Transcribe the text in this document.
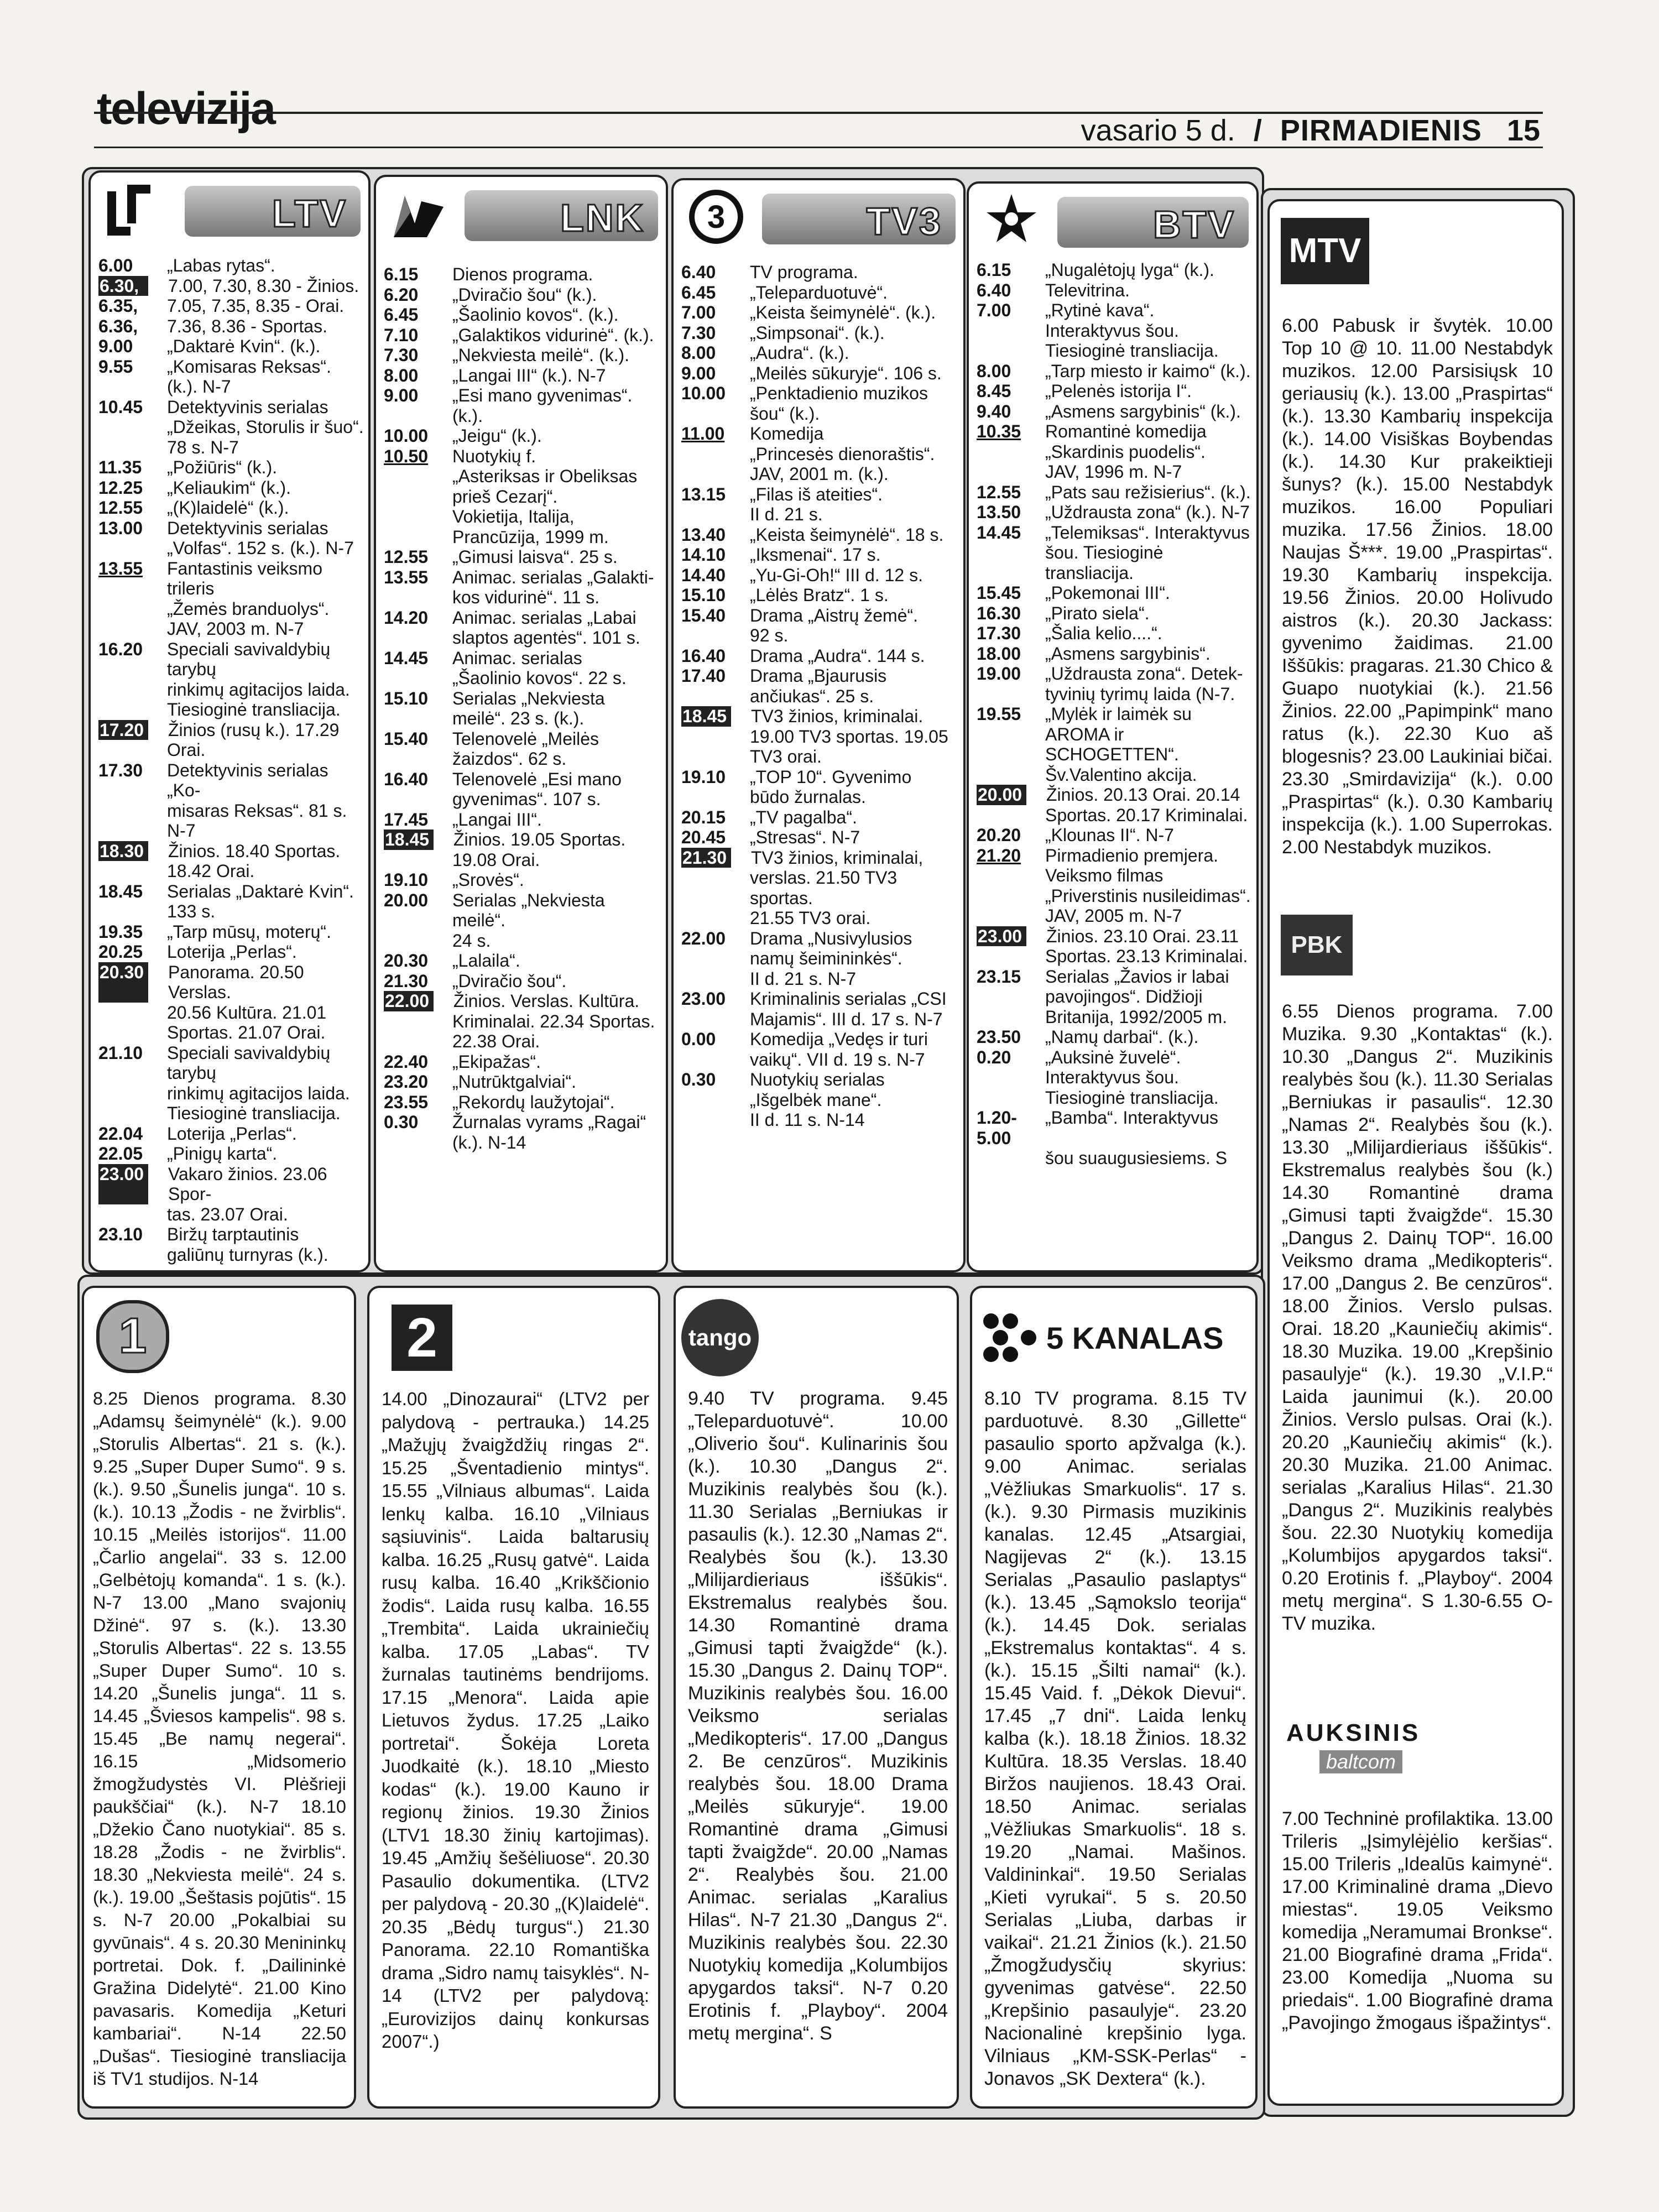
televizija	vasario 5 d. / PIRMADIENIS 15
LTV
6.00	„Labas rytas“.
6.30,	7.00, 7.30, 8.30 - Žinios.
6.35,	7.05, 7.35, 8.35 - Orai.
6.36,	7.36, 8.36 - Sportas.
9.00	„Daktarė Kvin“. (k.).
9.55	„Komisaras Reksas“. (k.). N-7
10.45	Detektyvinis serialas
„Džeikas, Storulis ir šuo“.
78 s. N-7
11.35	„Požiūris“ (k.).
12.25	„Keliaukim“ (k.).
12.55	„(K)laidelė“ (k.).
13.00	Detektyvinis serialas
„Volfas“. 152 s. (k.). N-7
13.55	Fantastinis veiksmo trileris
„Žemės branduolys“.
JAV, 2003 m. N-7
16.20	Speciali savivaldybių tarybų
rinkimų agitacijos laida.
Tiesioginė transliacija.
17.20 Žinios (rusų k.). 17.29
Orai.
17.30	Detektyvinis serialas „Ko-
misaras Reksas“. 81 s. N-7
18.30 Žinios. 18.40 Sportas.
18.42 Orai.
18.45	Serialas „Daktarė Kvin“.
133 s.
19.35	„Tarp mūsų, moterų“.
20.25	Loterija „Perlas“.
20.30 Panorama. 20.50 Verslas.
20.56 Kultūra. 21.01
Sportas. 21.07 Orai.
21.10	Speciali savivaldybių tarybų
rinkimų agitacijos laida.
Tiesioginė transliacija.
22.04	Loterija „Perlas“.
22.05	„Pinigų karta“.
23.00 Vakaro žinios. 23.06 Spor-
tas. 23.07 Orai.
23.10	Biržų tarptautinis
galiūnų turnyras (k.).
LNK
6.15	Dienos programa.
6.20	„Dviračio šou“ (k.).
6.45	„Šaolinio kovos“. (k.).
7.10	„Galaktikos vidurinė“. (k.).
7.30	„Nekviesta meilė“. (k.).
8.00	„Langai III“ (k.). N-7
9.00	„Esi mano gyvenimas“. (k.).
10.00	„Jeigu“ (k.).
10.50	Nuotykių f.
„Asteriksas ir Obeliksas
prieš Cezarį“.
Vokietija, Italija,
Prancūzija, 1999 m.
12.55	„Gimusi laisva“. 25 s.
13.55	Animac. serialas „Galakti-
kos vidurinė“. 11 s.
14.20	Animac. serialas „Labai
slaptos agentės“. 101 s.
14.45	Animac. serialas
„Šaolinio kovos“. 22 s.
15.10	Serialas „Nekviesta
meilė“. 23 s. (k.).
15.40	Telenovelė „Meilės
žaizdos“. 62 s.
16.40	Telenovelė „Esi mano
gyvenimas“. 107 s.
17.45	„Langai III“.
18.45 Žinios. 19.05 Sportas.
19.08 Orai.
19.10	„Srovės“.
20.00	Serialas „Nekviesta meilė“.
24 s.
20.30	„Lalaila“.
21.30	„Dviračio šou“.
22.00 Žinios. Verslas. Kultūra.
Kriminalai. 22.34 Sportas.
22.38 Orai.
22.40	„Ekipažas“.
23.20	„Nutrūktgalviai“.
23.55	„Rekordų laužytojai“.
0.30	Žurnalas vyrams „Ragai“
(k.). N-14
3	TV3
6.40	TV programa.
6.45	„Teleparduotuvė“.
7.00	„Keista šeimynėlė“. (k.).
7.30	„Simpsonai“. (k.).
8.00	„Audra“. (k.).
9.00	„Meilės sūkuryje“. 106 s.
10.00	„Penktadienio muzikos
šou“ (k.).
11.00	Komedija
„Princesės dienoraštis“.
JAV, 2001 m. (k.).
13.15	„Filas iš ateities“.
II d. 21 s.
13.40	„Keista šeimynėlė“. 18 s.
14.10	„Iksmenai“. 17 s.
14.40	„Yu-Gi-Oh!“ III d. 12 s.
15.10	„Lėlės Bratz“. 1 s.
15.40	Drama „Aistrų žemė“.
92 s.
16.40	Drama „Audra“. 144 s.
17.40	Drama „Bjaurusis
ančiukas“. 25 s.
18.45 TV3 žinios, kriminalai.
19.00 TV3 sportas. 19.05
TV3 orai.
19.10	„TOP 10“. Gyvenimo
būdo žurnalas.
20.15	„TV pagalba“.
20.45	„Stresas“. N-7
21.30 TV3 žinios, kriminalai,
verslas. 21.50 TV3 sportas.
21.55 TV3 orai.
22.00	Drama „Nusivylusios
namų šeimininkės“.
II d. 21 s. N-7
23.00	Kriminalinis serialas „CSI
Majamis“. III d. 17 s. N-7
0.00	Komedija „Vedęs ir turi
vaikų“. VII d. 19 s. N-7
0.30	Nuotykių serialas
„Išgelbėk mane“.
II d. 11 s. N-14
BTV
6.15	„Nugalėtojų lyga“ (k.).
6.40	Televitrina.
7.00	„Rytinė kava“.
Interaktyvus šou.
Tiesioginė transliacija.
8.00	„Tarp miesto ir kaimo“ (k.).
8.45	„Pelenės istorija I“.
9.40	„Asmens sargybinis“ (k.).
10.35	Romantinė komedija
„Skardinis puodelis“.
JAV, 1996 m. N-7
12.55	„Pats sau režisierius“. (k.).
13.50	„Uždrausta zona“ (k.). N-7
14.45	„Telemiksas“. Interaktyvus
šou. Tiesioginė transliacija.
15.45	„Pokemonai III“.
16.30	„Pirato siela“.
17.30	„Šalia kelio....“.
18.00	„Asmens sargybinis“.
19.00	„Uždrausta zona“. Detek-
tyvinių tyrimų laida (N-7.
19.55	„Mylėk ir laimėk su
AROMA ir SCHOGETTEN“.
Šv.Valentino akcija.
20.00 Žinios. 20.13 Orai. 20.14
Sportas. 20.17 Kriminalai.
20.20	„Klounas II“. N-7
21.20	Pirmadienio premjera.
Veiksmo filmas
„Priverstinis nusileidimas“.
JAV, 2005 m. N-7
23.00 Žinios. 23.10 Orai. 23.11
Sportas. 23.13 Kriminalai.
23.15	Serialas „Žavios ir labai
pavojingos“. Didžioji
Britanija, 1992/2005 m.
23.50	„Namų darbai“. (k.).
0.20	„Auksinė žuvelė“.
Interaktyvus šou.
Tiesioginė transliacija.
1.20-5.00
„Bamba“. Interaktyvus
šou suaugusiesiems. S
MTV
6.00 Pabusk ir švytėk. 10.00 Top 10 @ 10. 11.00 Nestabdyk muzikos. 12.00 Parsisiųsk 10 geriausių (k.). 13.00 „Praspirtas“ (k.). 13.30 Kambarių inspekcija (k.). 14.00 Visiškas Boybendas (k.). 14.30 Kur prakeiktieji šunys? (k.). 15.00 Nestabdyk muzikos. 16.00 Populiari muzika. 17.56 Žinios. 18.00 Naujas Š***. 19.00 „Praspirtas“. 19.30 Kambarių inspekcija. 19.56 Žinios. 20.00 Holivudo aistros (k.). 20.30 Jackass: gyvenimo žaidimas. 21.00 Iššūkis: pragaras. 21.30 Chico & Guapo nuotykiai (k.). 21.56 Žinios. 22.00 „Papimpink“ mano ratus (k.). 22.30 Kuo aš blogesnis? 23.00 Laukiniai bičai. 23.30 „Smirdavizija“ (k.). 0.00 „Praspirtas“ (k.). 0.30 Kambarių inspekcija (k.). 1.00 Superrokas. 2.00 Nestabdyk muzikos.
PBK
6.55 Dienos programa. 7.00 Muzika. 9.30 „Kontaktas“ (k.). 10.30 „Dangus 2“. Muzikinis realybės šou (k.). 11.30 Serialas „Berniukas ir pasaulis“. 12.30 „Namas 2“. Realybės šou (k.). 13.30 „Milijardieriaus iššūkis“. Ekstremalus realybės šou (k.) 14.30 Romantinė drama „Gimusi tapti žvaigžde“. 15.30 „Dangus 2. Dainų TOP“. 16.00 Veiksmo drama „Medikopteris“. 17.00 „Dangus 2. Be cenzūros“. 18.00 Žinios. Verslo pulsas. Orai. 18.20 „Kauniečių akimis“. 18.30 Muzika. 19.00 „Krepšinio pasaulyje“ (k.). 19.30 „V.I.P.“ Laida jaunimui (k.). 20.00 Žinios. Verslo pulsas. Orai (k.). 20.20 „Kauniečių akimis“ (k.). 20.30 Muzika. 21.00 Animac. serialas „Karalius Hilas“. 21.30 „Dangus 2“. Muzikinis realybės šou. 22.30 Nuotykių komedija „Kolumbijos apygardos taksi“. 0.20 Erotinis f. „Playboy“. 2004 metų mergina“. S 1.30-6.55 O-TV muzika.
AUKSINIS
baltcom
7.00 Techninė profilaktika. 13.00 Trileris „Įsimylėjėlio keršias“. 15.00 Trileris „Idealūs kaimynė“. 17.00 Kriminalinė drama „Dievo miestas“. 19.05 Veiksmo komedija „Neramumai Bronkse“. 21.00 Biografinė drama „Frida“. 23.00 Komedija „Nuoma su priedais“. 1.00 Biografinė drama „Pavojingo žmogaus išpažintys“.
1
8.25 Dienos programa. 8.30 „Adamsų šeimynėlė“ (k.). 9.00 „Storulis Albertas“. 21 s. (k.). 9.25 „Super Duper Sumo“. 9 s. (k.). 9.50 „Šunelis junga“. 10 s. (k.). 10.13 „Žodis - ne žvirblis“. 10.15 „Meilės istorijos“. 11.00 „Čarlio angelai“. 33 s. 12.00 „Gelbėtojų komanda“. 1 s. (k.). N-7 13.00 „Mano svajonių Džinė“. 97 s. (k.). 13.30 „Storulis Albertas“. 22 s. 13.55 „Super Duper Sumo“. 10 s. 14.20 „Šunelis junga“. 11 s. 14.45 „Šviesos kampelis“. 98 s. 15.45 „Be namų negerai“. 16.15 „Midsomerio žmogžudystės VI. Plėšrieji paukščiai“ (k.). N-7 18.10 „Džekio Čano nuotykiai“. 85 s. 18.28 „Žodis - ne žvirblis“. 18.30 „Nekviesta meilė“. 24 s. (k.). 19.00 „Šeštasis pojūtis“. 15 s. N-7 20.00 „Pokalbiai su gyvūnais“. 4 s. 20.30 Menininkų portretai. Dok. f. „Dailininkė Gražina Didelytė“. 21.00 Kino pavasaris. Komedija „Keturi kambariai“. N-14 22.50 „Dušas“. Tiesioginė transliacija iš TV1 studijos. N-14
2
14.00 „Dinozaurai“ (LTV2 per palydovą - pertrauka.) 14.25 „Mažųjų žvaigždžių ringas 2“. 15.25 „Šventadienio mintys“. 15.55 „Vilniaus albumas“. Laida lenkų kalba. 16.10 „Vilniaus sąsiuvinis“. Laida baltarusių kalba. 16.25 „Rusų gatvė“. Laida rusų kalba. 16.40 „Krikščionio žodis“. Laida rusų kalba. 16.55 „Trembita“. Laida ukrainiečių kalba. 17.05 „Labas“. TV žurnalas tautinėms bendrijoms. 17.15 „Menora“. Laida apie Lietuvos žydus. 17.25 „Laiko portretai“. Šokėja Loreta Juodkaitė (k.). 18.10 „Miesto kodas“ (k.). 19.00 Kauno ir regionų žinios. 19.30 Žinios (LTV1 18.30 žinių kartojimas). 19.45 „Amžių šešėliuose“. 20.30 Pasaulio dokumentika. (LTV2 per palydovą - 20.30 „(K)laidelė“. 20.35 „Bėdų turgus“.) 21.30 Panorama. 22.10 Romantiška drama „Sidro namų taisyklės“. N-14 (LTV2 per palydovą: „Eurovizijos dainų konkursas 2007“.)
tango
9.40 TV programa. 9.45 „Teleparduotuvė“. 10.00 „Oliverio šou“. Kulinarinis šou (k.). 10.30 „Dangus 2“. Muzikinis realybės šou (k.). 11.30 Serialas „Berniukas ir pasaulis (k.). 12.30 „Namas 2“. Realybės šou (k.). 13.30 „Milijardieriaus iššūkis“. Ekstremalus realybės šou. 14.30 Romantinė drama „Gimusi tapti žvaigžde“ (k.). 15.30 „Dangus 2. Dainų TOP“. Muzikinis realybės šou. 16.00 Veiksmo serialas „Medikopteris“. 17.00 „Dangus 2. Be cenzūros“. Muzikinis realybės šou. 18.00 Drama „Meilės sūkuryje“. 19.00 Romantinė drama „Gimusi tapti žvaigžde“. 20.00 „Namas 2“. Realybės šou. 21.00 Animac. serialas „Karalius Hilas“. N-7 21.30 „Dangus 2“. Muzikinis realybės šou. 22.30 Nuotykių komedija „Kolumbijos apygardos taksi“. N-7 0.20 Erotinis f. „Playboy“. 2004 metų mergina“. S
5 KANALAS
8.10 TV programa. 8.15 TV parduotuvė. 8.30 „Gillette“ pasaulio sporto apžvalga (k.). 9.00 Animac. serialas „Vėžliukas Smarkuolis“. 17 s. (k.). 9.30 Pirmasis muzikinis kanalas. 12.45 „Atsargiai, Nagijevas 2“ (k.). 13.15 Serialas „Pasaulio paslaptys“ (k.). 13.45 „Sąmokslo teorija“ (k.). 14.45 Dok. serialas „Ekstremalus kontaktas“. 4 s. (k.). 15.15 „Šilti namai“ (k.). 15.45 Vaid. f. „Dėkok Dievui“. 17.45 „7 dni“. Laida lenkų kalba (k.). 18.18 Žinios. 18.32 Kultūra. 18.35 Verslas. 18.40 Biržos naujienos. 18.43 Orai. 18.50 Animac. serialas „Vėžliukas Smarkuolis“. 18 s. 19.20 „Namai. Mašinos. Valdininkai“. 19.50 Serialas „Kieti vyrukai“. 5 s. 20.50 Serialas „Liuba, darbas ir vaikai“. 21.21 Žinios (k.). 21.50 „Žmogžudysčių skyrius: gyvenimas gatvėse“. 22.50 „Krepšinio pasaulyje“. 23.20 Nacionalinė krepšinio lyga. Vilniaus „KM-SSK-Perlas“ - Jonavos „SK Dextera“ (k.).
